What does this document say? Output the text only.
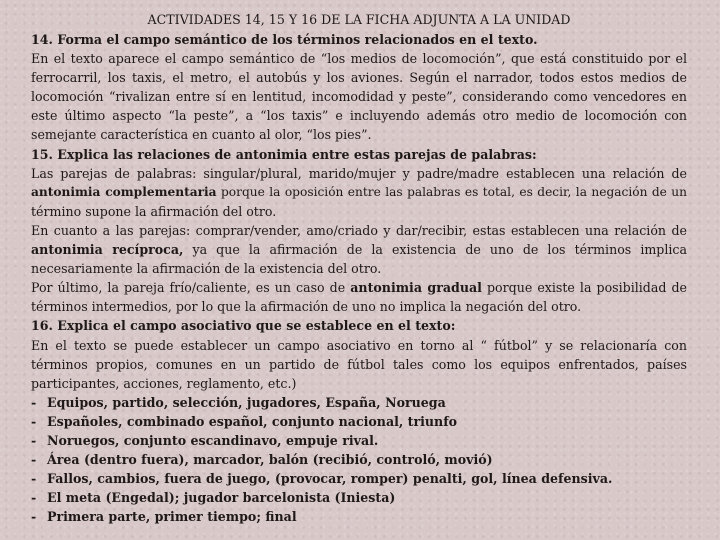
ACTIVIDADES 14, 15 Y 16 DE LA FICHA ADJUNTA A LA UNIDAD
14. Forma el campo semántico de los términos relacionados en el texto.
En el texto aparece el campo semántico de “los medios de locomoción”, que está constituido por el
ferrocarril, los taxis, el metro, el autobús y los aviones. Según el narrador, todos estos medios de
locomoción “rivalizan entre sí en lentitud, incomodidad y peste”, considerando como vencedores en
este último aspecto “la peste”, a “los taxis” e incluyendo además otro medio de locomoción con
semejante característica en cuanto al olor, “los pies”.
15. Explica las relaciones de antonimia entre estas parejas de palabras:
Las parejas de palabras: singular/plural, marido/mujer y padre/madre establecen una relación de
antonimia complementaria porque la oposición entre las palabras es total, es decir, la negación de un
término supone la afirmación del otro.
En cuanto a las parejas: comprar/vender, amo/criado y dar/recibir, estas establecen una relación de
antonimia recíproca, ya que la afirmación de la existencia de uno de los términos implica
necesariamente la afirmación de la existencia del otro.
Por último, la pareja frío/caliente, es un caso de antonimia gradual porque existe la posibilidad de
términos intermedios, por lo que la afirmación de uno no implica la negación del otro.
16. Explica el campo asociativo que se establece en el texto:
En el texto se puede establecer un campo asociativo en torno al “ fútbol” y se relacionaría con
términos propios, comunes en un partido de fútbol tales como los equipos enfrentados, países
participantes, acciones, reglamento, etc.)
- Equipos, partido, selección, jugadores, España, Noruega
- Españoles, combinado español, conjunto nacional, triunfo
- Noruegos, conjunto escandinavo, empuje rival.
- Área (dentro fuera), marcador, balón (recibió, controló, movió)
- Fallos, cambios, fuera de juego, (provocar, romper) penalti, gol, línea defensiva.
- El meta (Engedal); jugador barcelonista (Iniesta)
- Primera parte, primer tiempo; final
